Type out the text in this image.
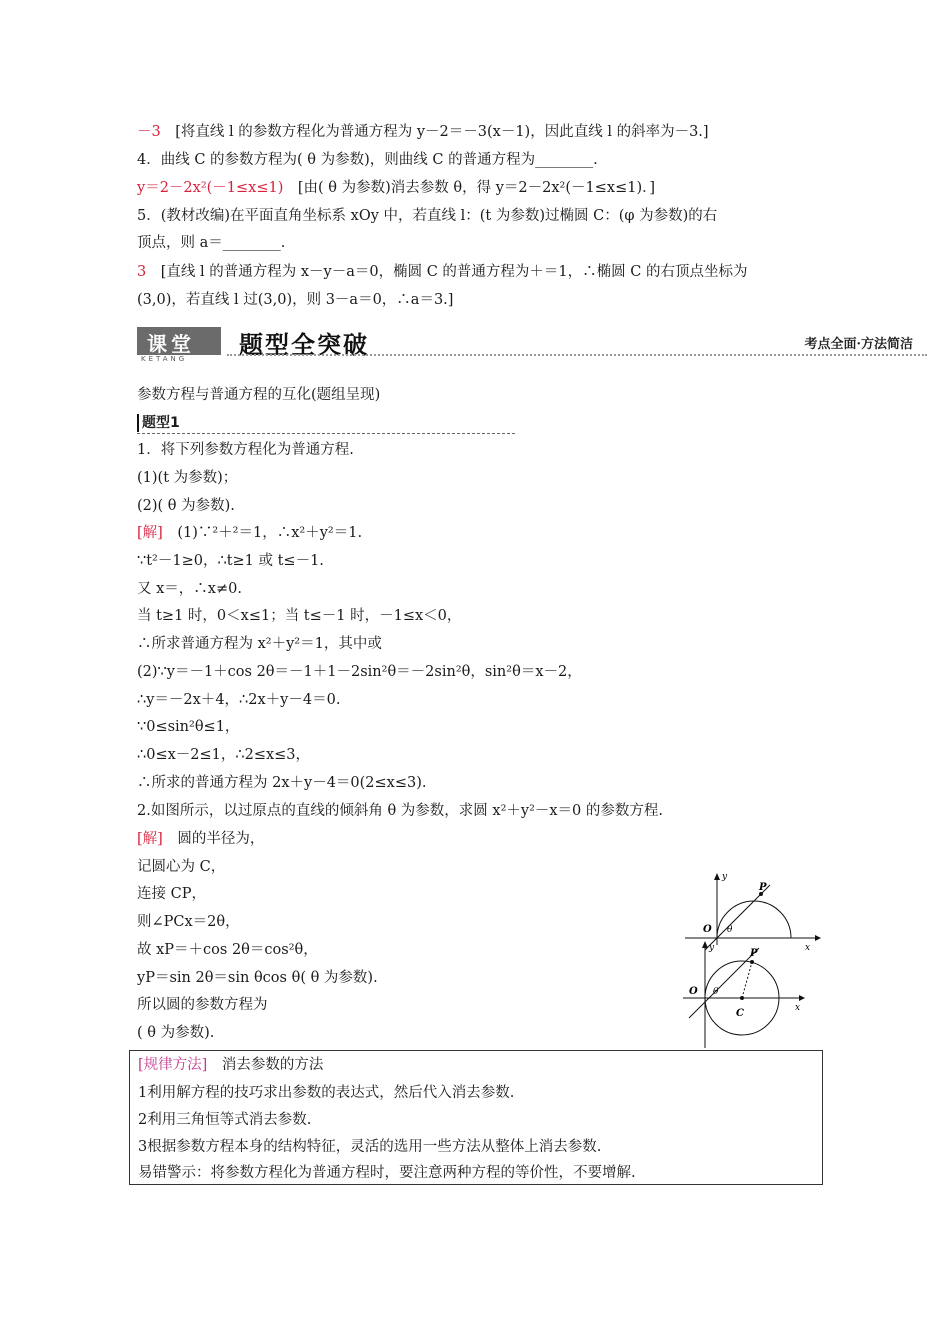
－3　[将直线 l 的参数方程化为普通方程为 y－2＝－3(x－1)，因此直线 l 的斜率为－3.]
4．曲线 C 的参数方程为( θ 为参数)，则曲线 C 的普通方程为________.
y＝2－2x²(－1≤x≤1)　[由( θ 为参数)消去参数 θ，得 y＝2－2x²(－1≤x≤1)．]
5．(教材改编)在平面直角坐标系 xOy 中，若直线 l：(t 为参数)过椭圆 C：(φ 为参数)的右
顶点，则 a＝________.
3　[直线 l 的普通方程为 x－y－a＝0，椭圆 C 的普通方程为＋＝1，∴椭圆 C 的右顶点坐标为
(3,0)，若直线 l 过(3,0)，则 3－a＝0，∴a＝3.]
课堂
KETANG 题型全突破	考点全面·方法简洁
参数方程与普通方程的互化(题组呈现)
题型1
1．将下列参数方程化为普通方程.
(1)(t 为参数)；
(2)( θ 为参数).
[解]　(1)∵²＋²＝1，∴x²＋y²＝1.
∵t²－1≥0，∴t≥1 或 t≤－1.
又 x＝，∴x≠0.
当 t≥1 时，0＜x≤1；当 t≤－1 时，－1≤x＜0，
∴所求普通方程为 x²＋y²＝1，其中或
(2)∵y＝－1＋cos 2θ＝－1＋1－2sin²θ＝－2sin²θ，sin²θ＝x－2，
∴y＝－2x＋4，∴2x＋y－4＝0.
∵0≤sin²θ≤1，
∴0≤x－2≤1，∴2≤x≤3，
∴所求的普通方程为 2x＋y－4＝0(2≤x≤3).
2.如图所示，以过原点的直线的倾斜角 θ 为参数，求圆 x²＋y²－x＝0 的参数方程.
[解]　圆的半径为，
记圆心为 C，
连接 CP，
则∠PCx＝2θ，
故 xP＝＋cos 2θ＝cos²θ，
yP＝sin 2θ＝sin θcos θ( θ 为参数).
所以圆的参数方程为
( θ 为参数).
y
x
O
P
θ
y
x
O
P
C
θ
[规律方法]　消去参数的方法
1利用解方程的技巧求出参数的表达式，然后代入消去参数.
2利用三角恒等式消去参数.
3根据参数方程本身的结构特征，灵活的选用一些方法从整体上消去参数.
易错警示：将参数方程化为普通方程时，要注意两种方程的等价性，不要增解.
